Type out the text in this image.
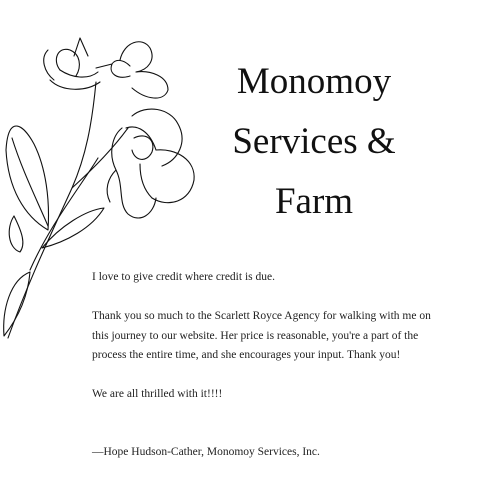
Monomoy
Services &
Farm

I love to give credit where credit is due.

Thank you so much to the Scarlett Royce Agency for walking with me on this journey to our website. Her price is reasonable, you're a part of the process the entire time, and she encourages your input. Thank you!

We are all thrilled with it!!!!

—Hope Hudson-Cather, Monomoy Services, Inc.
